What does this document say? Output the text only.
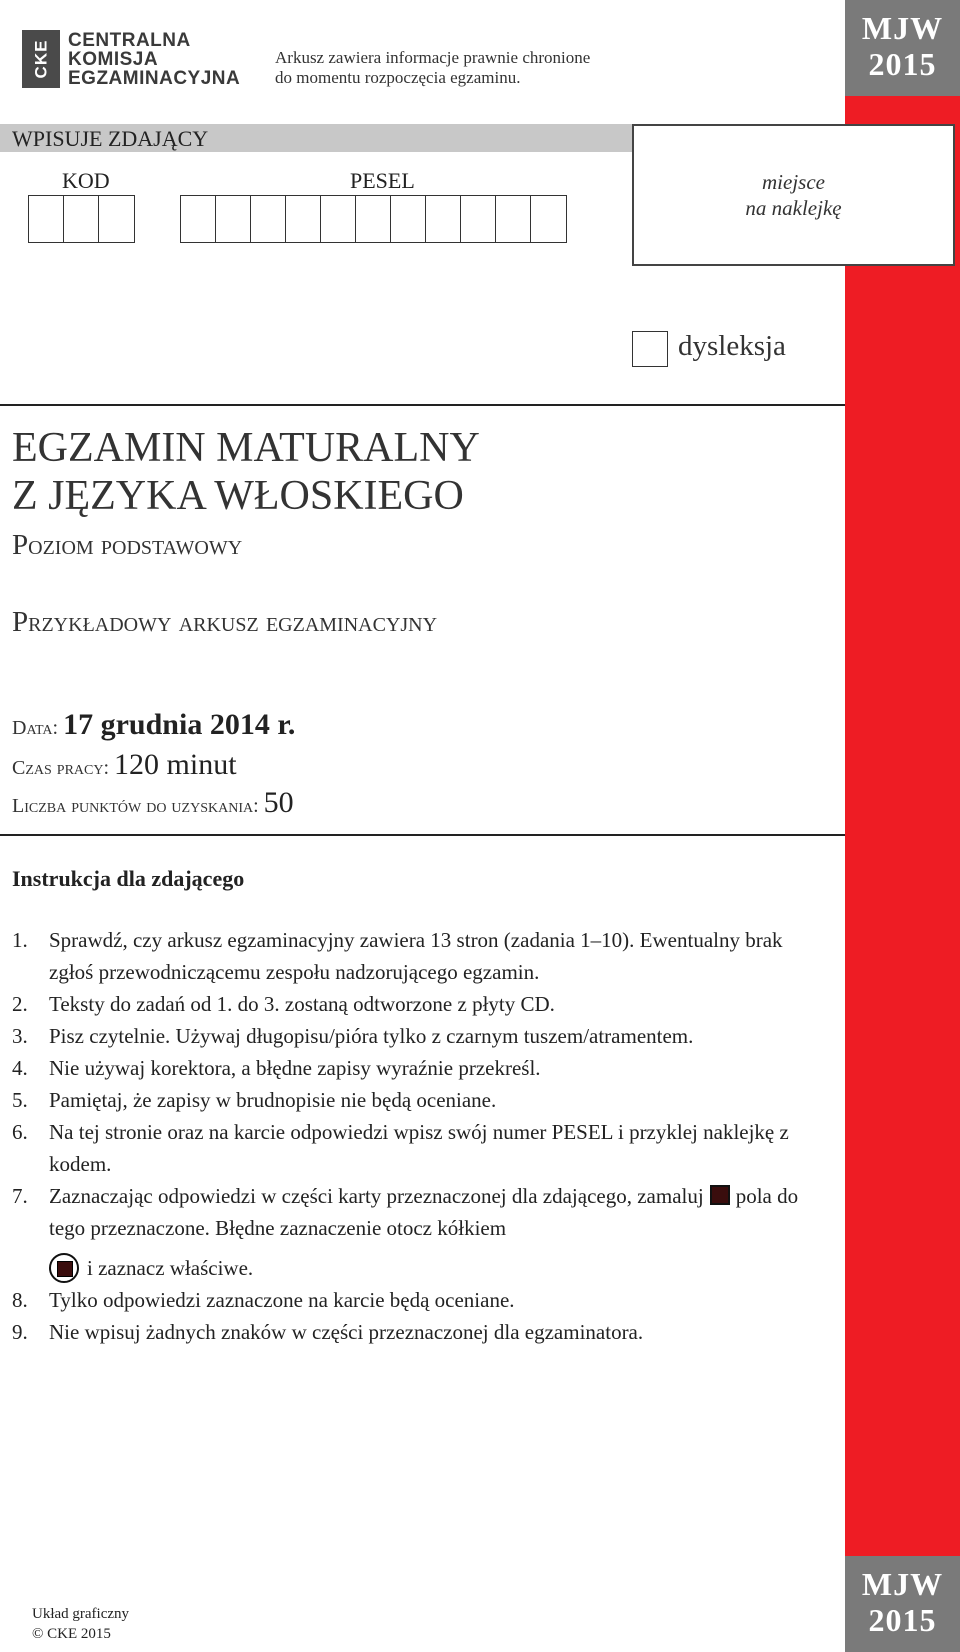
MJW
2015
MJW
2015
CKE CENTRALNA
KOMISJA
EGZAMINACYJNA
Arkusz zawiera informacje prawnie chronione
do momentu rozpoczęcia egzaminu.
WPISUJE ZDAJĄCY
KOD	PESEL	miejsce
na naklejkę
dysleksja
EGZAMIN MATURALNY
Z JĘZYKA WŁOSKIEGO
Poziom podstawowy
Przykładowy arkusz egzaminacyjny
Data: 17 grudnia 2014 r.
Czas pracy: 120 minut
Liczba punktów do uzyskania: 50
Instrukcja dla zdającego
1.	Sprawdź, czy arkusz egzaminacyjny zawiera 13 stron (zadania 1–10). Ewentualny brak zgłoś przewodniczącemu zespołu nadzorującego egzamin.
2.	Teksty do zadań od 1. do 3. zostaną odtworzone z płyty CD.
3.	Pisz czytelnie. Używaj długopisu/pióra tylko z czarnym tuszem/atramentem.
4.	Nie używaj korektora, a błędne zapisy wyraźnie przekreśl.
5.	Pamiętaj, że zapisy w brudnopisie nie będą oceniane.
6.	Na tej stronie oraz na karcie odpowiedzi wpisz swój numer PESEL i przyklej naklejkę z kodem.
7.	Zaznaczając odpowiedzi w części karty przeznaczonej dla zdającego, zamaluj pola do tego przeznaczone. Błędne zaznaczenie otocz kółkiem
i zaznacz właściwe.
8.	Tylko odpowiedzi zaznaczone na karcie będą oceniane.
9.	Nie wpisuj żadnych znaków w części przeznaczonej dla egzaminatora.
Układ graficzny
© CKE 2015
